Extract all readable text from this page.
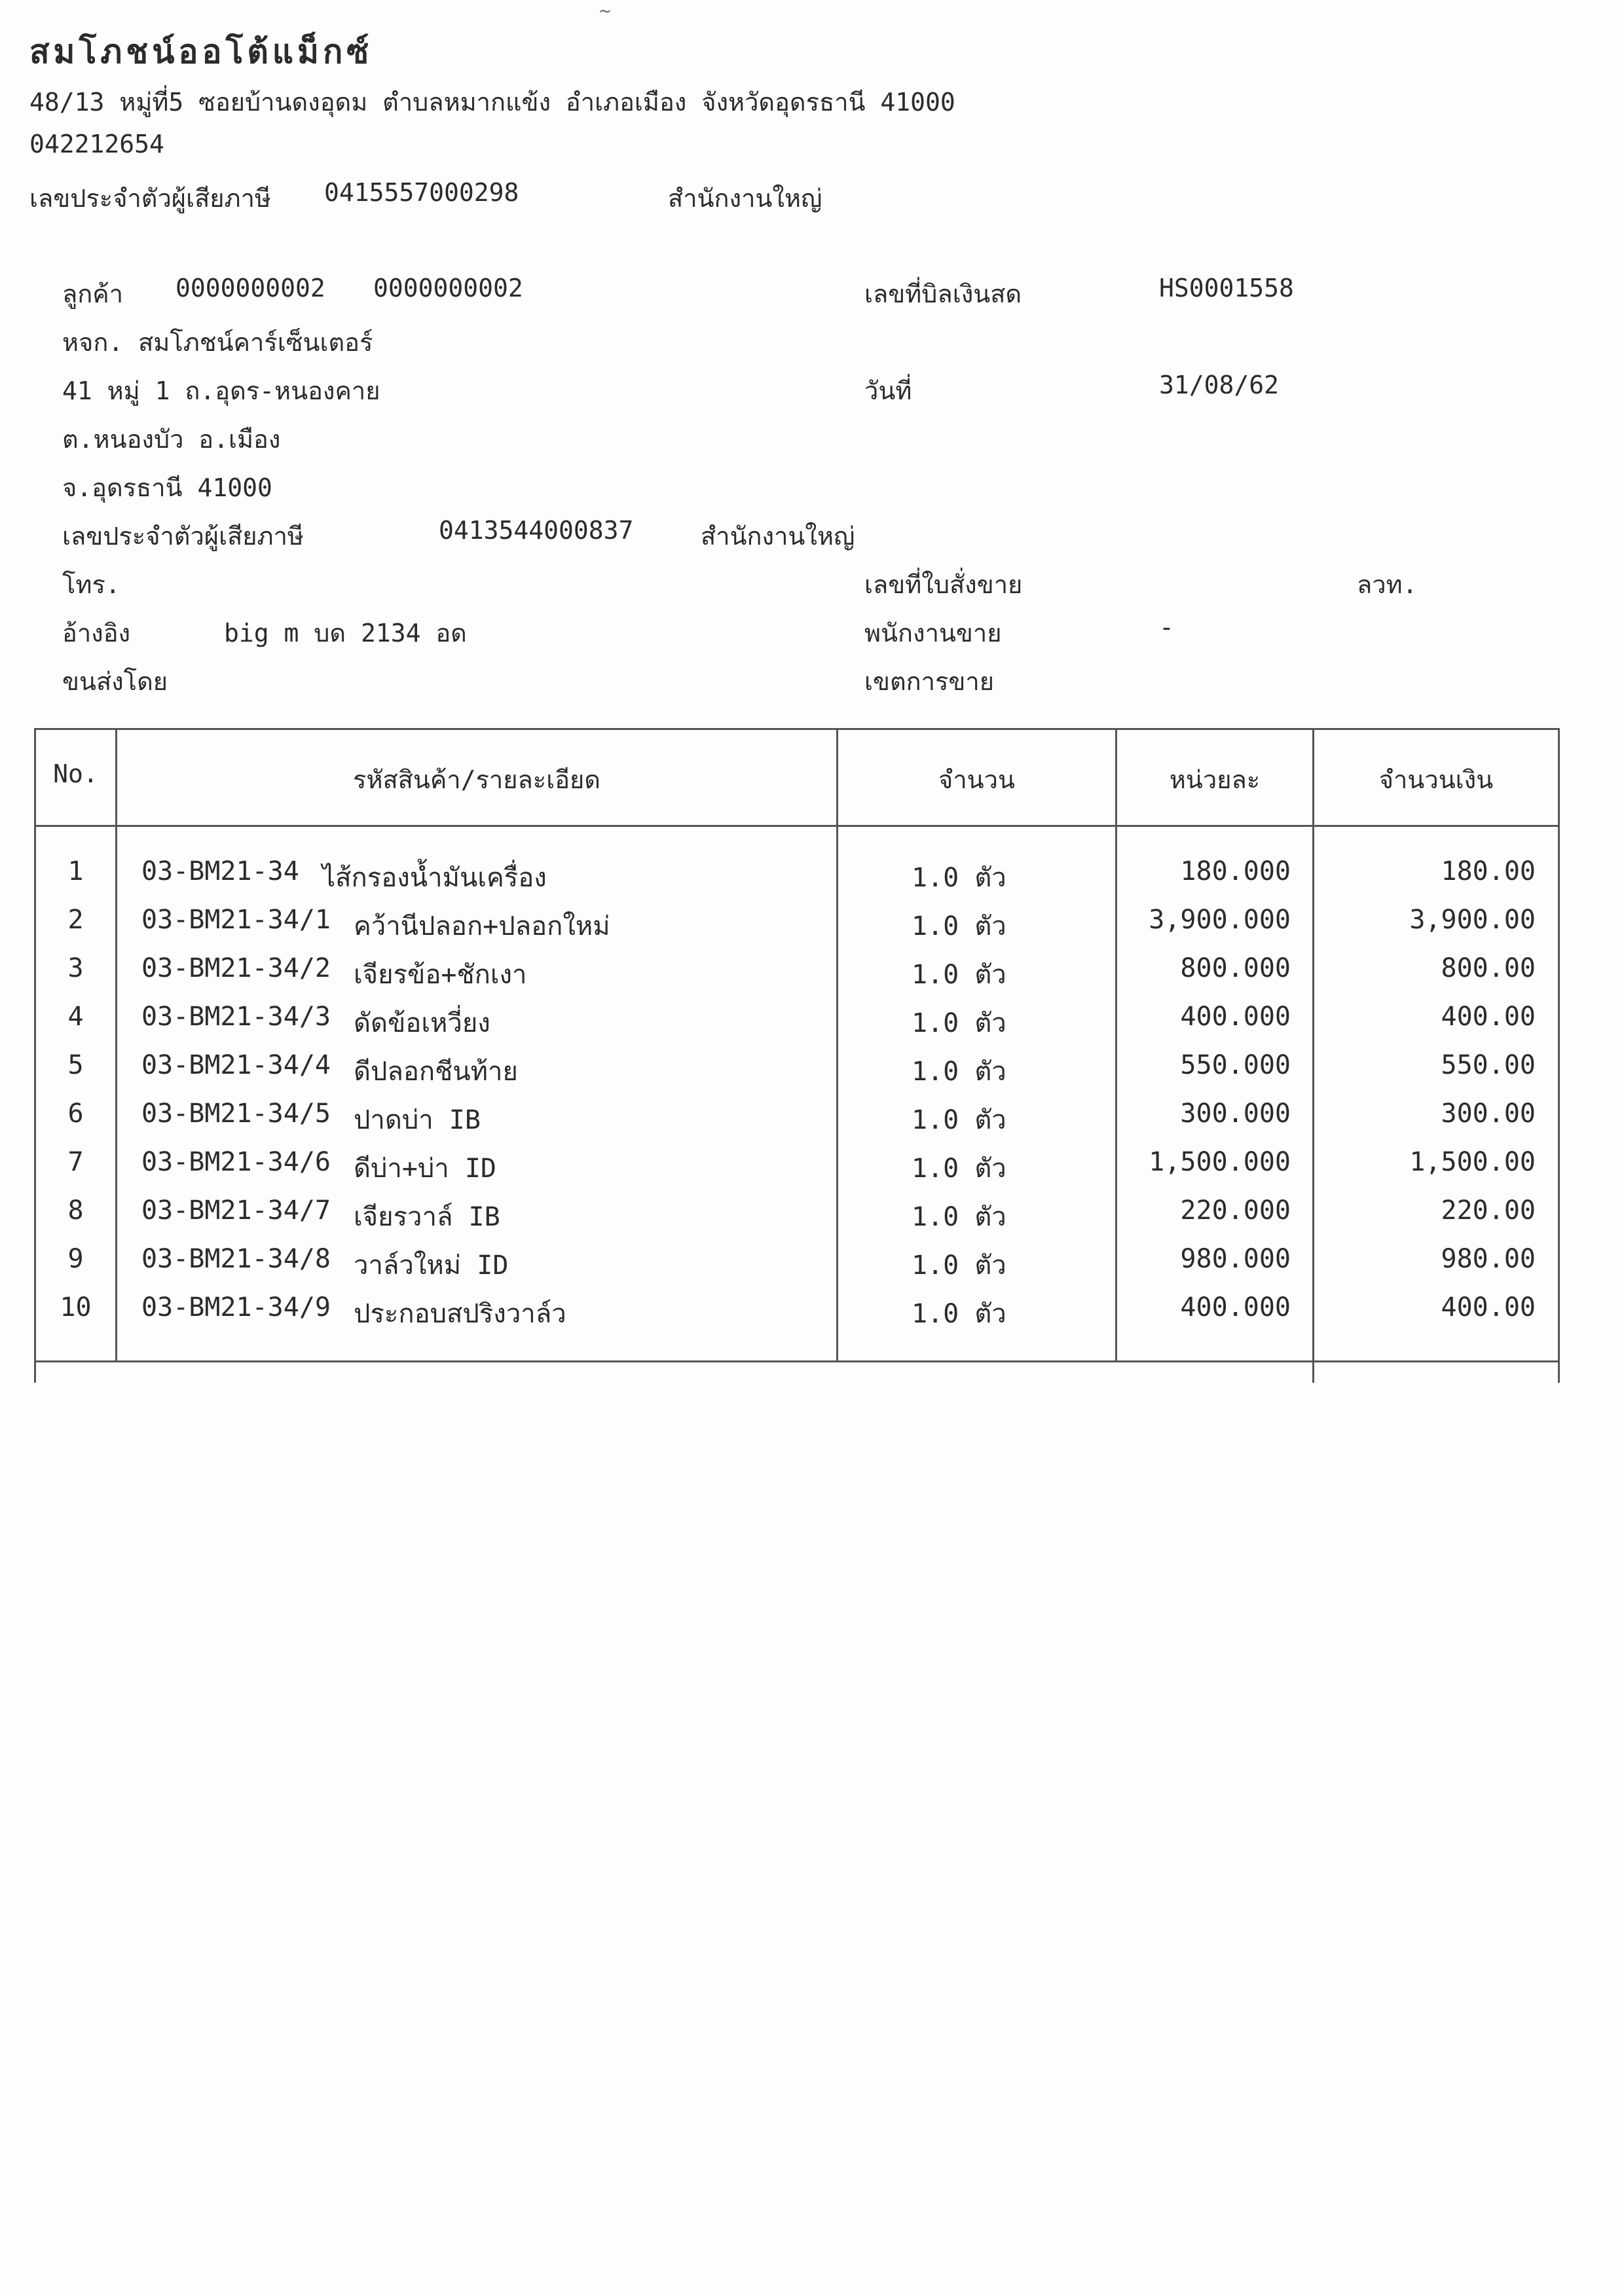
~
สมโภชน์ออโต้แม็กซ์
48/13 หมู่ที่5 ซอยบ้านดงอุดม ตำบลหมากแข้ง อำเภอเมือง จังหวัดอุดรธานี 41000
042212654
เลขประจำตัวผู้เสียภาษี 0415557000298	สำนักงานใหญ่
ลูกค้า 0000000002 0000000002	เลขที่บิลเงินสด	HS0001558
หจก. สมโภชน์คาร์เซ็นเตอร์
41 หมู่ 1 ถ.อุดร-หนองคาย	วันที่	31/08/62
ต.หนองบัว อ.เมือง
จ.อุดรธานี 41000
เลขประจำตัวผู้เสียภาษี	0413544000837	สำนักงานใหญ่
โทร.	เลขที่ใบสั่งขาย	ลวท.
อ้างอิง	big m บด 2134 อด	พนักงานขาย	-
ขนส่งโดย	เขตการขาย
No.	รหัสสินค้า/รายละเอียด	จำนวน	หน่วยละ	จำนวนเงิน
1	03-BM21-34 ไส้กรองน้ำมันเครื่อง	1.0 ตัว	180.000	180.00
2	03-BM21-34/1 คว้านีปลอก+ปลอกใหม่	1.0 ตัว	3,900.000	3,900.00
3	03-BM21-34/2 เจียรข้อ+ชักเงา	1.0 ตัว	800.000	800.00
4	03-BM21-34/3 ดัดข้อเหวี่ยง	1.0 ตัว	400.000	400.00
5	03-BM21-34/4 ดีปลอกชีนท้าย	1.0 ตัว	550.000	550.00
6	03-BM21-34/5 ปาดบ่า IB	1.0 ตัว	300.000	300.00
7	03-BM21-34/6 ดีบ่า+บ่า ID	1.0 ตัว	1,500.000	1,500.00
8	03-BM21-34/7 เจียรวาล์ IB	1.0 ตัว	220.000	220.00
9	03-BM21-34/8 วาล์วใหม่ ID	1.0 ตัว	980.000	980.00
10	03-BM21-34/9 ประกอบสปริงวาล์ว	1.0 ตัว	400.000	400.00
